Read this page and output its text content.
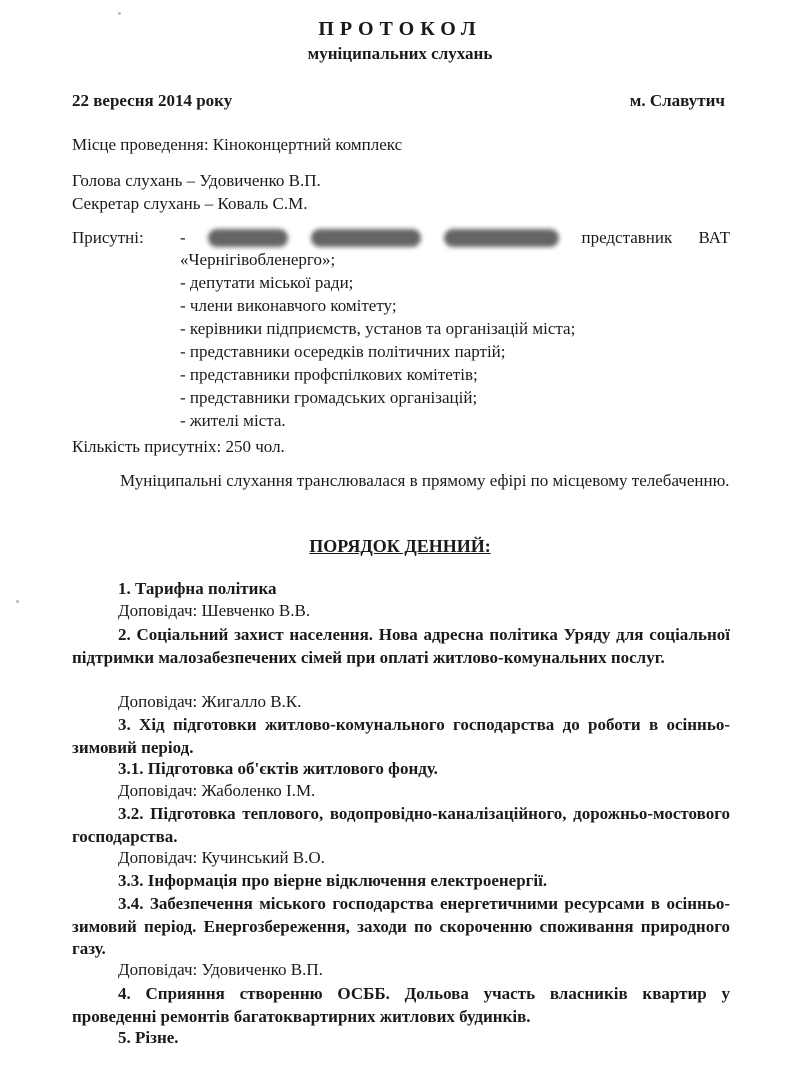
ПРОТОКОЛ
муніципальних слухань
22 вересня 2014 року	м. Славутич
Місце проведення: Кіноконцертний комплекс
Голова слухань – Удовиченко В.П.
Секретар слухань – Коваль С.М.
Присутні: -	представник ВАТ
«Чернігівобленерго»;
- депутати міської ради;
- члени виконавчого комітету;
- керівники підприємств, установ та організацій міста;
- представники осередків політичних партій;
- представники профспілкових комітетів;
- представники громадських організацій;
- жителі міста.
Кількість присутніх: 250 чол.
Муніципальні слухання транслювалася в прямому ефірі по місцевому телебаченню.
ПОРЯДОК ДЕННИЙ:
1. Тарифна політика
Доповідач: Шевченко В.В.
2. Соціальний захист населення. Нова адресна політика Уряду для соціальної підтримки малозабезпечених сімей при оплаті житлово-комунальних послуг.
Доповідач: Жигалло В.К.
3. Хід підготовки житлово-комунального господарства до роботи в осінньо-зимовий період.
3.1. Підготовка об'єктів житлового фонду.
Доповідач: Жаболенко І.М.
3.2. Підготовка теплового, водопровідно-каналізаційного, дорожньо-мостового господарства.
Доповідач: Кучинський В.О.
3.3. Інформація про віерне відключення електроенергії.
3.4. Забезпечення міського господарства енергетичними ресурсами в осінньо-зимовий період. Енергозбереження, заходи по скороченню споживання природного газу.
Доповідач: Удовиченко В.П.
4. Сприяння створенню ОСББ. Дольова участь власників квартир у проведенні ремонтів багатоквартирних житлових будинків.
5. Різне.
